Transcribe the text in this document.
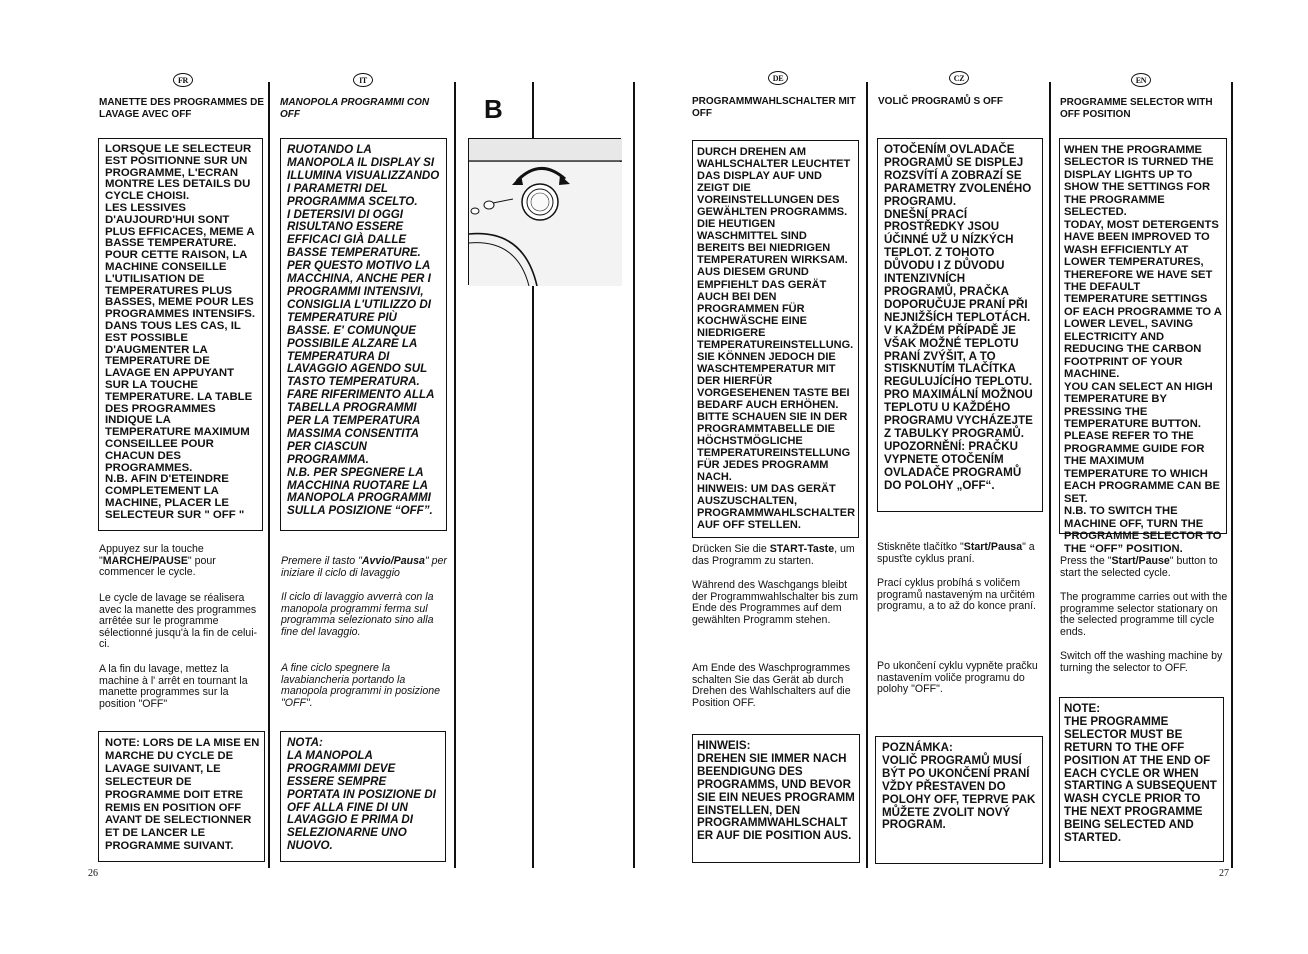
FR
MANETTE DES PROGRAMMES DE LAVAGE AVEC OFF
LORSQUE LE SELECTEUR EST POSITIONNE SUR UN PROGRAMME, L'ECRAN MONTRE LES DETAILS DU CYCLE CHOISI.
LES LESSIVES D'AUJOURD'HUI SONT PLUS EFFICACES, MEME A BASSE TEMPERATURE. POUR CETTE RAISON, LA MACHINE CONSEILLE L'UTILISATION DE TEMPERATURES PLUS BASSES, MEME POUR LES PROGRAMMES INTENSIFS. DANS TOUS LES CAS, IL EST POSSIBLE D'AUGMENTER LA TEMPERATURE DE LAVAGE EN APPUYANT SUR LA TOUCHE TEMPERATURE. LA TABLE DES PROGRAMMES INDIQUE LA TEMPERATURE MAXIMUM CONSEILLEE POUR CHACUN DES PROGRAMMES.
N.B. AFIN D'ETEINDRE COMPLETEMENT LA MACHINE, PLACER LE SELECTEUR SUR " OFF "
Appuyez sur la touche "MARCHE/PAUSE" pour commencer le cycle.
Le cycle de lavage se réalisera avec la manette des programmes arrêtée sur le programme sélectionné jusqu'à la fin de celui-ci.
A la fin du lavage, mettez la machine à l' arrêt en tournant la manette programmes sur la position "OFF"
NOTE: LORS DE LA MISE EN MARCHE DU CYCLE DE LAVAGE SUIVANT, LE SELECTEUR DE PROGRAMME DOIT ETRE REMIS EN POSITION OFF AVANT DE SELECTIONNER ET DE LANCER LE PROGRAMME SUIVANT.
IT
MANOPOLA PROGRAMMI CON OFF
RUOTANDO LA MANOPOLA IL DISPLAY SI ILLUMINA VISUALIZZANDO I PARAMETRI DEL PROGRAMMA SCELTO.
I DETERSIVI DI OGGI RISULTANO ESSERE EFFICACI GIÀ DALLE BASSE TEMPERATURE. PER QUESTO MOTIVO LA MACCHINA, ANCHE PER I PROGRAMMI INTENSIVI, CONSIGLIA L'UTILIZZO DI TEMPERATURE PIÙ BASSE. E' COMUNQUE POSSIBILE ALZARE LA TEMPERATURA DI LAVAGGIO AGENDO SUL TASTO TEMPERATURA. FARE RIFERIMENTO ALLA TABELLA PROGRAMMI PER LA TEMPERATURA MASSIMA CONSENTITA PER CIASCUN PROGRAMMA.
N.B. PER SPEGNERE LA MACCHINA RUOTARE LA MANOPOLA PROGRAMMI SULLA POSIZIONE “OFF”.
Premere il tasto "Avvio/Pausa" per iniziare il ciclo di lavaggio
Il ciclo di lavaggio avverrà con la manopola programmi ferma sul programma selezionato sino alla fine del lavaggio.
A fine ciclo spegnere la lavabiancheria portando la manopola programmi in posizione "OFF".
NOTA:
LA MANOPOLA PROGRAMMI DEVE ESSERE SEMPRE PORTATA IN POSIZIONE DI OFF ALLA FINE DI UN LAVAGGIO E PRIMA DI SELEZIONARNE UNO NUOVO.
B
DE
PROGRAMMWAHLSCHALTER MIT OFF
DURCH DREHEN AM WAHLSCHALTER LEUCHTET DAS DISPLAY AUF UND ZEIGT DIE VOREINSTELLUNGEN DES GEWÄHLTEN PROGRAMMS.
DIE HEUTIGEN WASCHMITTEL SIND BEREITS BEI NIEDRIGEN TEMPERATUREN WIRKSAM. AUS DIESEM GRUND EMPFIEHLT DAS GERÄT AUCH BEI DEN PROGRAMMEN FÜR KOCHWÄSCHE EINE NIEDRIGERE TEMPERATUREINSTELLUNG. SIE KÖNNEN JEDOCH DIE WASCHTEMPERATUR MIT DER HIERFÜR VORGESEHENEN TASTE BEI BEDARF AUCH ERHÖHEN. BITTE SCHAUEN SIE IN DER PROGRAMMTABELLE DIE HÖCHSTMÖGLICHE TEMPERATUREINSTELLUNG FÜR JEDES PROGRAMM NACH.
HINWEIS: UM DAS GERÄT AUSZUSCHALTEN, PROGRAMMWAHLSCHALTER AUF OFF STELLEN.
Drücken Sie die START-Taste, um das Programm zu starten.
Während des Waschgangs bleibt der Programmwahlschalter bis zum Ende des Programmes auf dem gewählten Programm stehen.
Am Ende des Waschprogrammes schalten Sie das Gerät ab durch Drehen des Wahlschalters auf die Position OFF.
HINWEIS:
DREHEN SIE IMMER NACH BEENDIGUNG DES PROGRAMMS, UND BEVOR SIE EIN NEUES PROGRAMM EINSTELLEN, DEN PROGRAMMWAHLSCHALT ER AUF DIE POSITION AUS.
CZ
VOLIČ PROGRAMŮ S OFF
OTOČENÍM OVLADAČE PROGRAMŮ SE DISPLEJ ROZSVÍTÍ A ZOBRAZÍ SE PARAMETRY ZVOLENÉHO PROGRAMU.
DNEŠNÍ PRACÍ PROSTŘEDKY JSOU ÚČINNÉ UŽ U NÍZKÝCH TEPLOT. Z TOHOTO DŮVODU I Z DŮVODU INTENZIVNÍCH PROGRAMŮ, PRAČKA DOPORUČUJE PRANÍ PŘI NEJNIŽŠÍCH TEPLOTÁCH. V KAŽDÉM PŘÍPADĚ JE VŠAK MOŽNÉ TEPLOTU PRANÍ ZVÝŠIT, A TO STISKNUTÍM TLAČÍTKA REGULUJÍCÍHO TEPLOTU. PRO MAXIMÁLNÍ MOŽNOU TEPLOTU U KAŽDÉHO PROGRAMU VYCHÁZEJTE Z TABULKY PROGRAMŮ.
UPOZORNĚNÍ: PRAČKU VYPNETE OTOČENÍM OVLADAČE PROGRAMŮ DO POLOHY „OFF“.
Stiskněte tlačítko "Start/Pausa" a spusťte cyklus praní.
Prací cyklus probíhá s voličem programů nastaveným na určitém programu, a to až do konce praní.
Po ukončení cyklu vypněte pračku nastavením voliče programu do polohy "OFF".
POZNÁMKA:
VOLIČ PROGRAMŮ MUSÍ BÝT PO UKONČENÍ PRANÍ VŽDY PŘESTAVEN DO POLOHY OFF, TEPRVE PAK MŮŽETE ZVOLIT NOVÝ PROGRAM.
EN
PROGRAMME SELECTOR WITH OFF POSITION
WHEN THE PROGRAMME SELECTOR IS TURNED THE DISPLAY LIGHTS UP TO SHOW THE SETTINGS FOR THE PROGRAMME SELECTED.
TODAY, MOST DETERGENTS HAVE BEEN IMPROVED TO WASH EFFICIENTLY AT LOWER TEMPERATURES, THEREFORE WE HAVE SET THE DEFAULT TEMPERATURE SETTINGS OF EACH PROGRAMME TO A LOWER LEVEL, SAVING ELECTRICITY AND REDUCING THE CARBON FOOTPRINT OF YOUR MACHINE.
YOU CAN SELECT AN HIGH TEMPERATURE BY PRESSING THE TEMPERATURE BUTTON. PLEASE REFER TO THE PROGRAMME GUIDE FOR THE MAXIMUM TEMPERATURE TO WHICH EACH PROGRAMME CAN BE SET.
N.B. TO SWITCH THE MACHINE OFF, TURN THE PROGRAMME SELECTOR TO THE “OFF” POSITION.
Press the "Start/Pause" button to start the selected cycle.
The programme carries out with the programme selector stationary on the selected programme till cycle ends.
Switch off the washing machine by turning the selector to OFF.
NOTE:
THE PROGRAMME SELECTOR MUST BE RETURN TO THE OFF POSITION AT THE END OF EACH CYCLE OR WHEN STARTING A SUBSEQUENT WASH CYCLE PRIOR TO THE NEXT PROGRAMME BEING SELECTED AND STARTED.
26	27
